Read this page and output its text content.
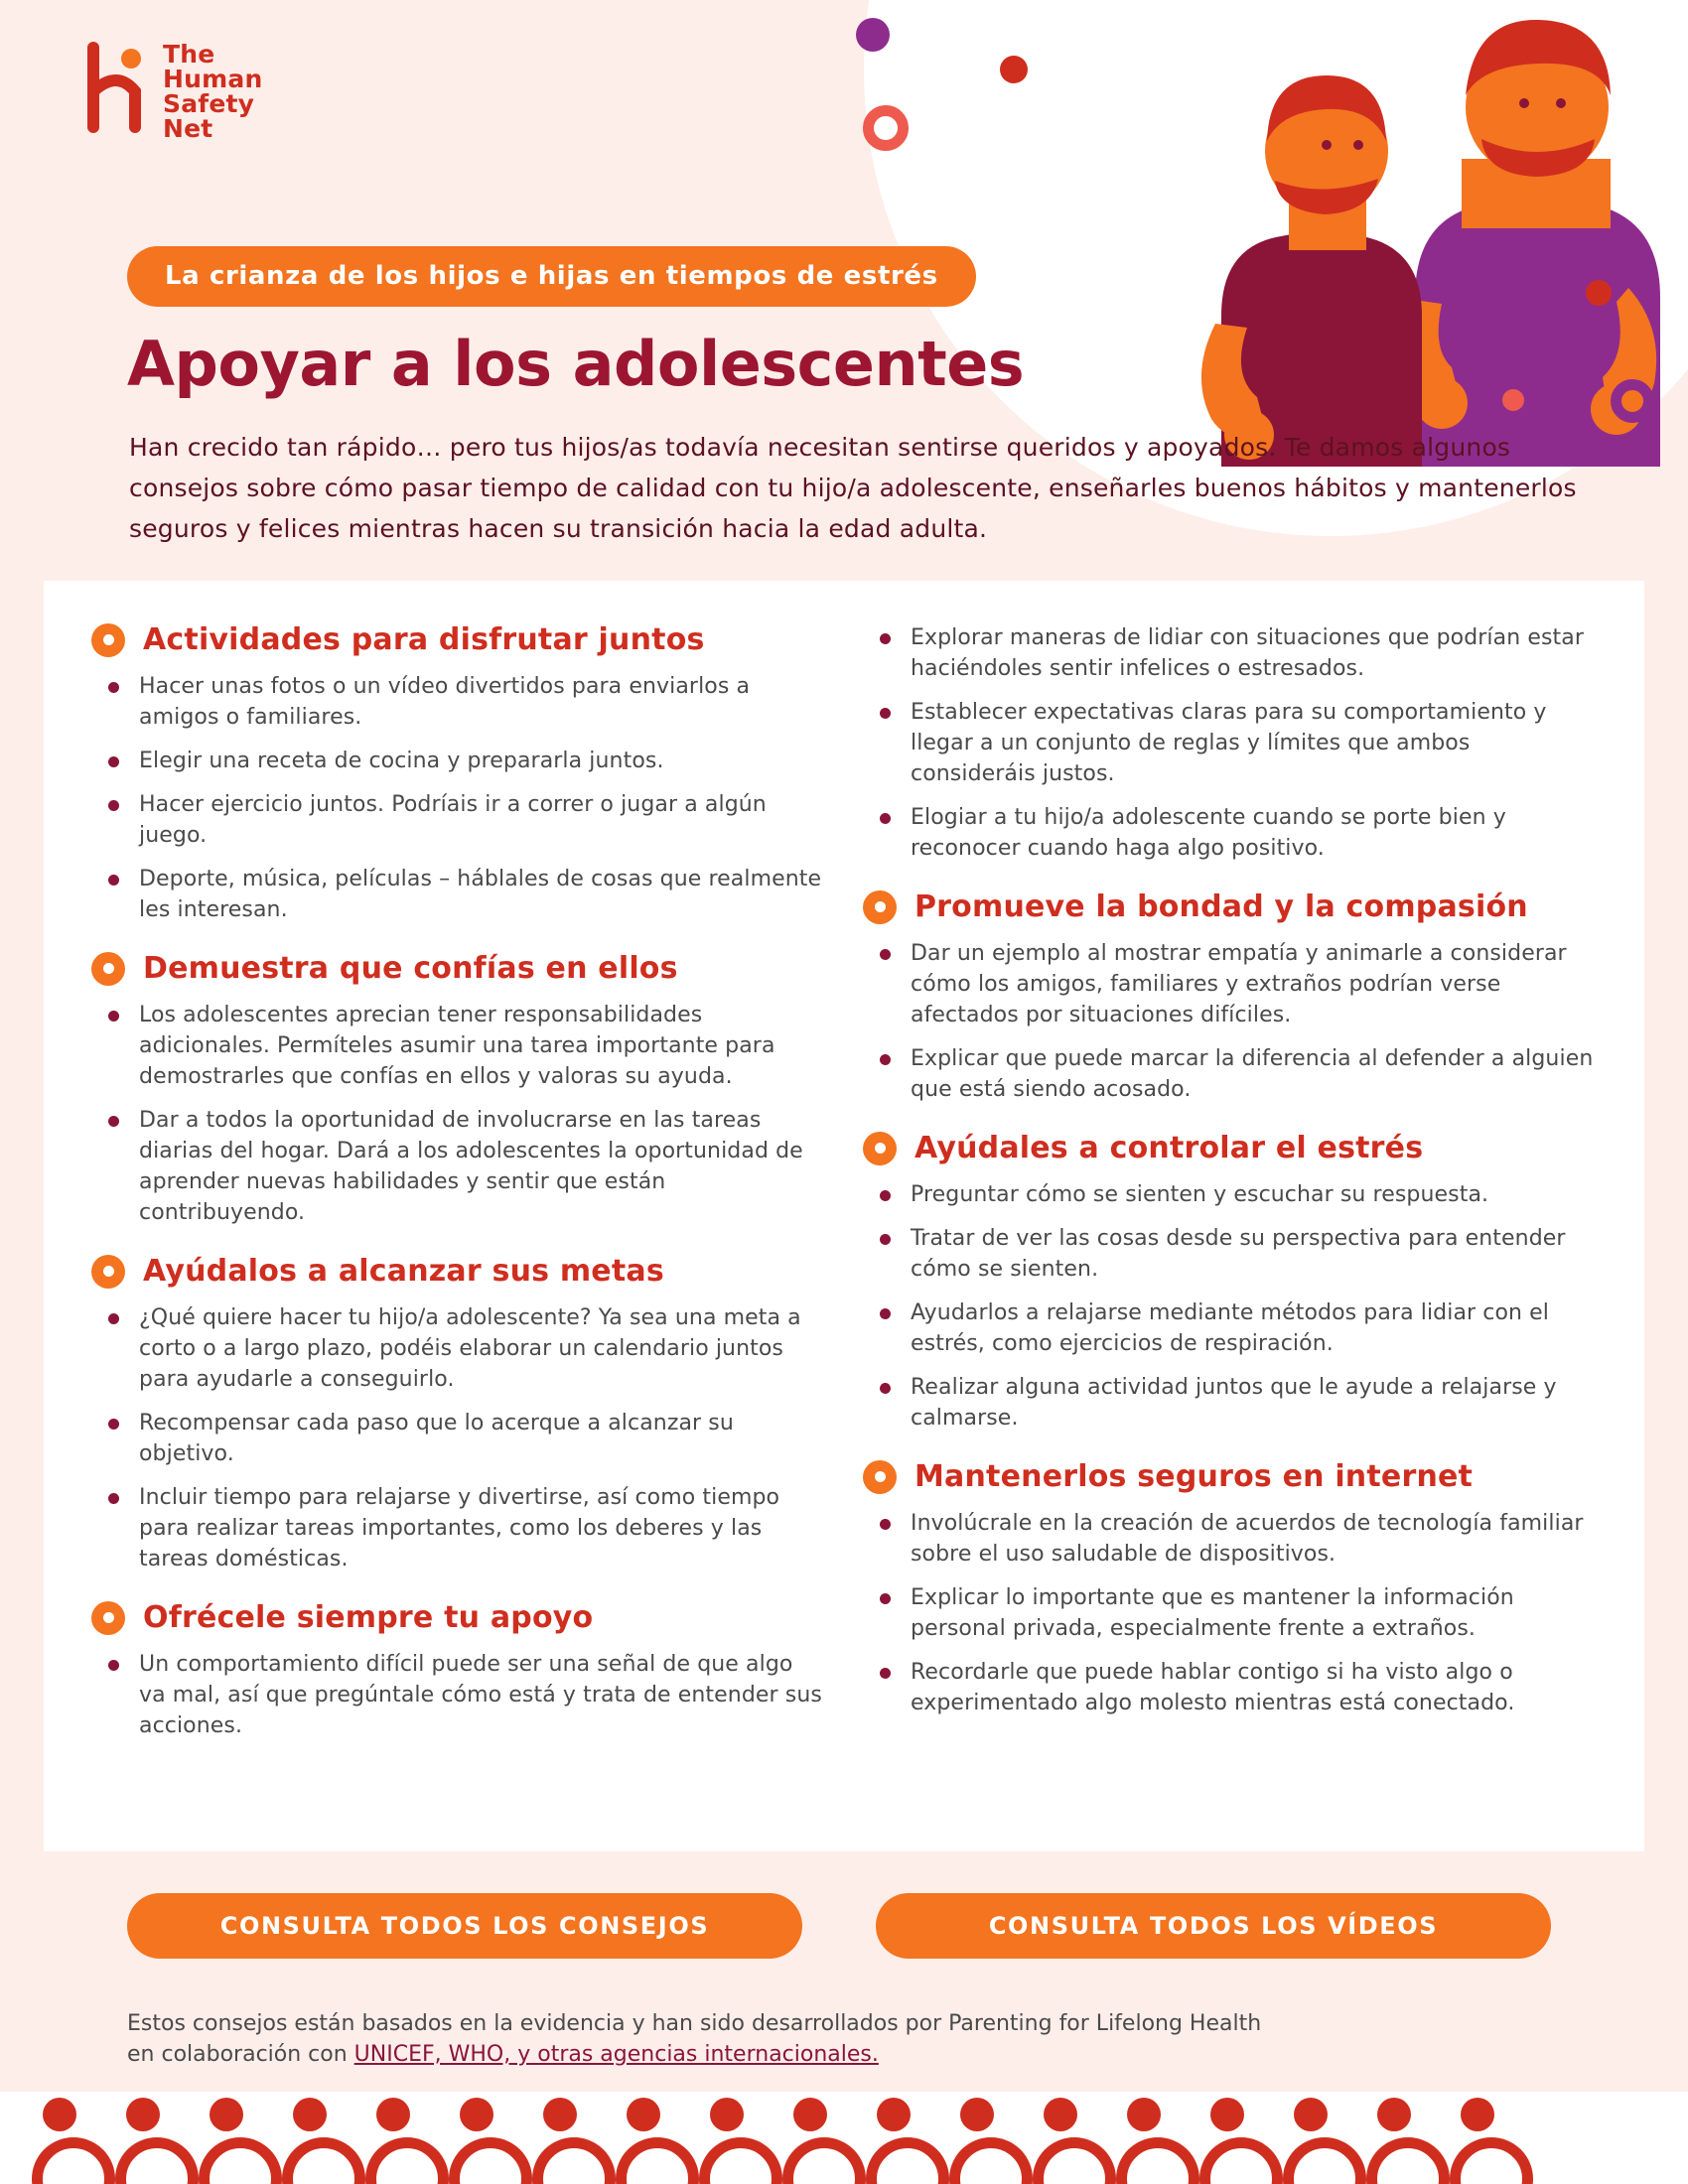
The
Human
Safety
Net
La crianza de los hijos e hijas en tiempos de estrés
Apoyar a los adolescentes

Han crecido tan rápido… pero tus hijos/as todavía necesitan sentirse queridos y apoyados. Te damos algunos consejos sobre cómo pasar tiempo de calidad con tu hijo/a adolescente, enseñarles buenos hábitos y mantenerlos seguros y felices mientras hacen su transición hacia la edad adulta.

Actividades para disfrutar juntos
Hacer unas fotos o un vídeo divertidos para enviarlos a amigos o familiares.
Elegir una receta de cocina y prepararla juntos.
Hacer ejercicio juntos. Podríais ir a correr o jugar a algún juego.
Deporte, música, películas – háblales de cosas que realmente les interesan.
Demuestra que confías en ellos
Los adolescentes aprecian tener responsabilidades adicionales. Permíteles asumir una tarea importante para demostrarles que confías en ellos y valoras su ayuda.
Dar a todos la oportunidad de involucrarse en las tareas diarias del hogar. Dará a los adolescentes la oportunidad de aprender nuevas habilidades y sentir que están contribuyendo.
Ayúdalos a alcanzar sus metas
¿Qué quiere hacer tu hijo/a adolescente? Ya sea una meta a corto o a largo plazo, podéis elaborar un calendario juntos para ayudarle a conseguirlo.
Recompensar cada paso que lo acerque a alcanzar su objetivo.
Incluir tiempo para relajarse y divertirse, así como tiempo para realizar tareas importantes, como los deberes y las tareas domésticas.
Ofrécele siempre tu apoyo
Un comportamiento difícil puede ser una señal de que algo va mal, así que pregúntale cómo está y trata de entender sus acciones.
Explorar maneras de lidiar con situaciones que podrían estar haciéndoles sentir infelices o estresados.
Establecer expectativas claras para su comportamiento y llegar a un conjunto de reglas y límites que ambos consideráis justos.
Elogiar a tu hijo/a adolescente cuando se porte bien y reconocer cuando haga algo positivo.
Promueve la bondad y la compasión
Dar un ejemplo al mostrar empatía y animarle a considerar cómo los amigos, familiares y extraños podrían verse afectados por situaciones difíciles.
Explicar que puede marcar la diferencia al defender a alguien que está siendo acosado.
Ayúdales a controlar el estrés
Preguntar cómo se sienten y escuchar su respuesta.
Tratar de ver las cosas desde su perspectiva para entender cómo se sienten.
Ayudarlos a relajarse mediante métodos para lidiar con el estrés, como ejercicios de respiración.
Realizar alguna actividad juntos que le ayude a relajarse y calmarse.
Mantenerlos seguros en internet
Involúcrale en la creación de acuerdos de tecnología familiar sobre el uso saludable de dispositivos.
Explicar lo importante que es mantener la información personal privada, especialmente frente a extraños.
Recordarle que puede hablar contigo si ha visto algo o experimentado algo molesto mientras está conectado.
CONSULTA TODOS LOS CONSEJOS	CONSULTA TODOS LOS VÍDEOS
Estos consejos están basados en la evidencia y han sido desarrollados por Parenting for Lifelong Health
en colaboración con UNICEF, WHO, y otras agencias internacionales.
